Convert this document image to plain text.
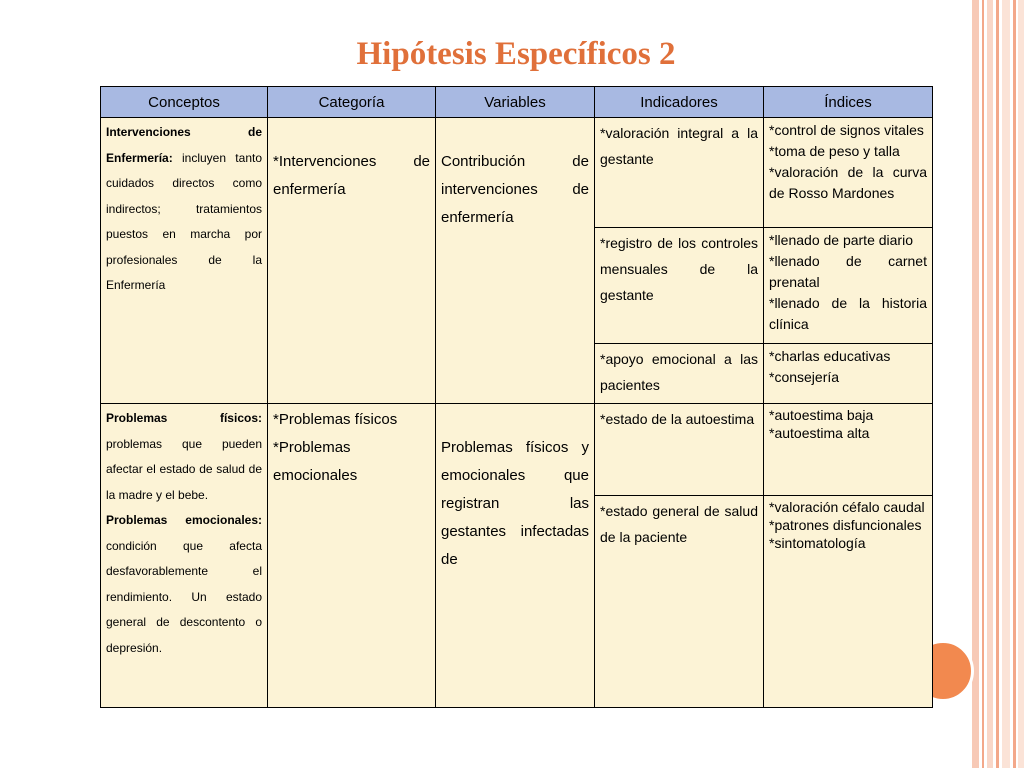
Hipótesis Específicos 2
Conceptos	Categoría	Variables	Indicadores	Índices
Intervenciones de Enfermería: incluyen tanto cuidados directos como indirectos; tratamientos puestos en marcha por profesionales de la Enfermería	*Intervenciones de enfermería	Contribución de intervenciones de enfermería	*valoración integral a la gestante	*control de signos vitales
*toma de peso y talla
*valoración de la curva de Rosso Mardones

			*registro de los controles mensuales de la gestante	*llenado de parte diario
*llenado de carnet prenatal
*llenado de la historia clínica

			*apoyo emocional a las pacientes	*charlas educativas
*consejería

Problemas físicos: problemas que pueden afectar el estado de salud de la madre y el bebe.
Problemas emocionales: condición que afecta desfavorablemente el rendimiento. Un estado general de descontento o depresión.	*Problemas físicos
*Problemas emocionales	Problemas físicos y emocionales que registran las gestantes infectadas de	*estado de la autoestima	*autoestima baja
*autoestima alta

			*estado general de salud de la paciente	*valoración céfalo caudal
*patrones disfuncionales
*sintomatología
